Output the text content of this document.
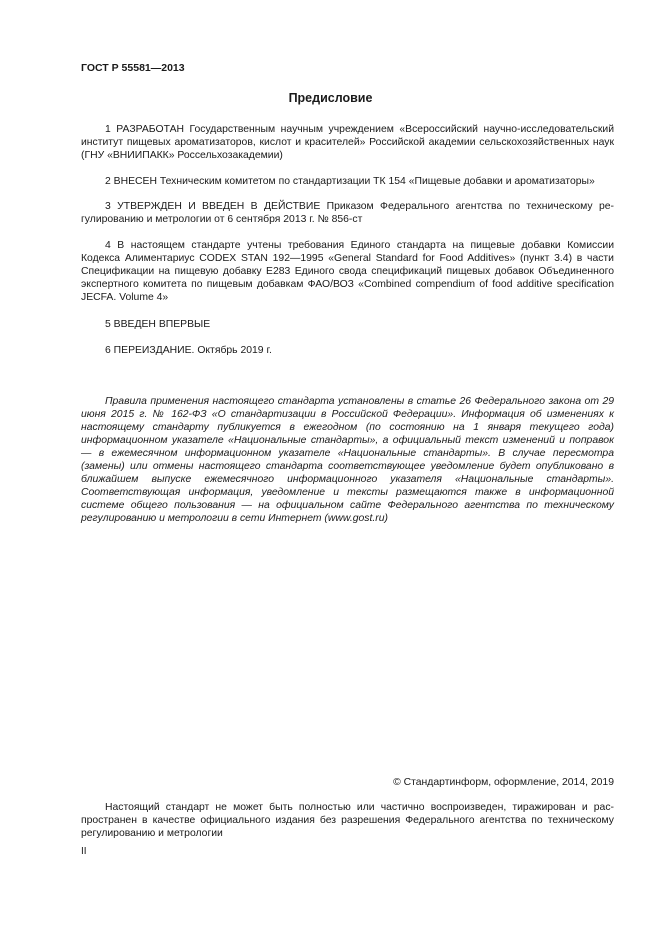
ГОСТ Р 55581—2013
Предисловие
1 РАЗРАБОТАН Государственным научным учреждением «Всероссийский научно-исследовательский институт пищевых ароматизаторов, кислот и красителей» Российской академии сельскохозяйственных наук (ГНУ «ВНИИПАКК» Россельхозакадемии)
2 ВНЕСЕН Техническим комитетом по стандартизации ТК 154 «Пищевые добавки и ароматизаторы»
3 УТВЕРЖДЕН И ВВЕДЕН В ДЕЙСТВИЕ Приказом Федерального агентства по техническому регулированию и метрологии от 6 сентября 2013 г. № 856-ст
4 В настоящем стандарте учтены требования Единого стандарта на пищевые добавки Комиссии Кодекса Алиментариус CODEX STAN 192—1995 «General Standard for Food Additives» (пункт 3.4) в части Спецификации на пищевую добавку Е283 Единого свода спецификаций пищевых добавок Объединенного экспертного комитета по пищевым добавкам ФАО/ВОЗ «Combined compendium of food additive specification JECFA. Volume 4»
5 ВВЕДЕН ВПЕРВЫЕ
6 ПЕРЕИЗДАНИЕ. Октябрь 2019 г.
Правила применения настоящего стандарта установлены в статье 26 Федерального закона от 29 июня 2015 г. № 162-ФЗ «О стандартизации в Российской Федерации». Информация об изменениях к настоящему стандарту публикуется в ежегодном (по состоянию на 1 января текущего года) информационном указателе «Национальные стандарты», а официальный текст изменений и поправок — в ежемесячном информационном указателе «Национальные стандарты». В случае пересмотра (замены) или отмены настоящего стандарта соответствующее уведомление будет опубликовано в ближайшем выпуске ежемесячного информационного указателя «Национальные стандарты». Соответствующая информация, уведомление и тексты размещаются также в информационной системе общего пользования — на официальном сайте Федерального агентства по техническому регулированию и метрологии в сети Интернет (www.gost.ru)
© Стандартинформ, оформление, 2014, 2019
Настоящий стандарт не может быть полностью или частично воспроизведен, тиражирован и распространен в качестве официального издания без разрешения Федерального агентства по техническому регулированию и метрологии
II
